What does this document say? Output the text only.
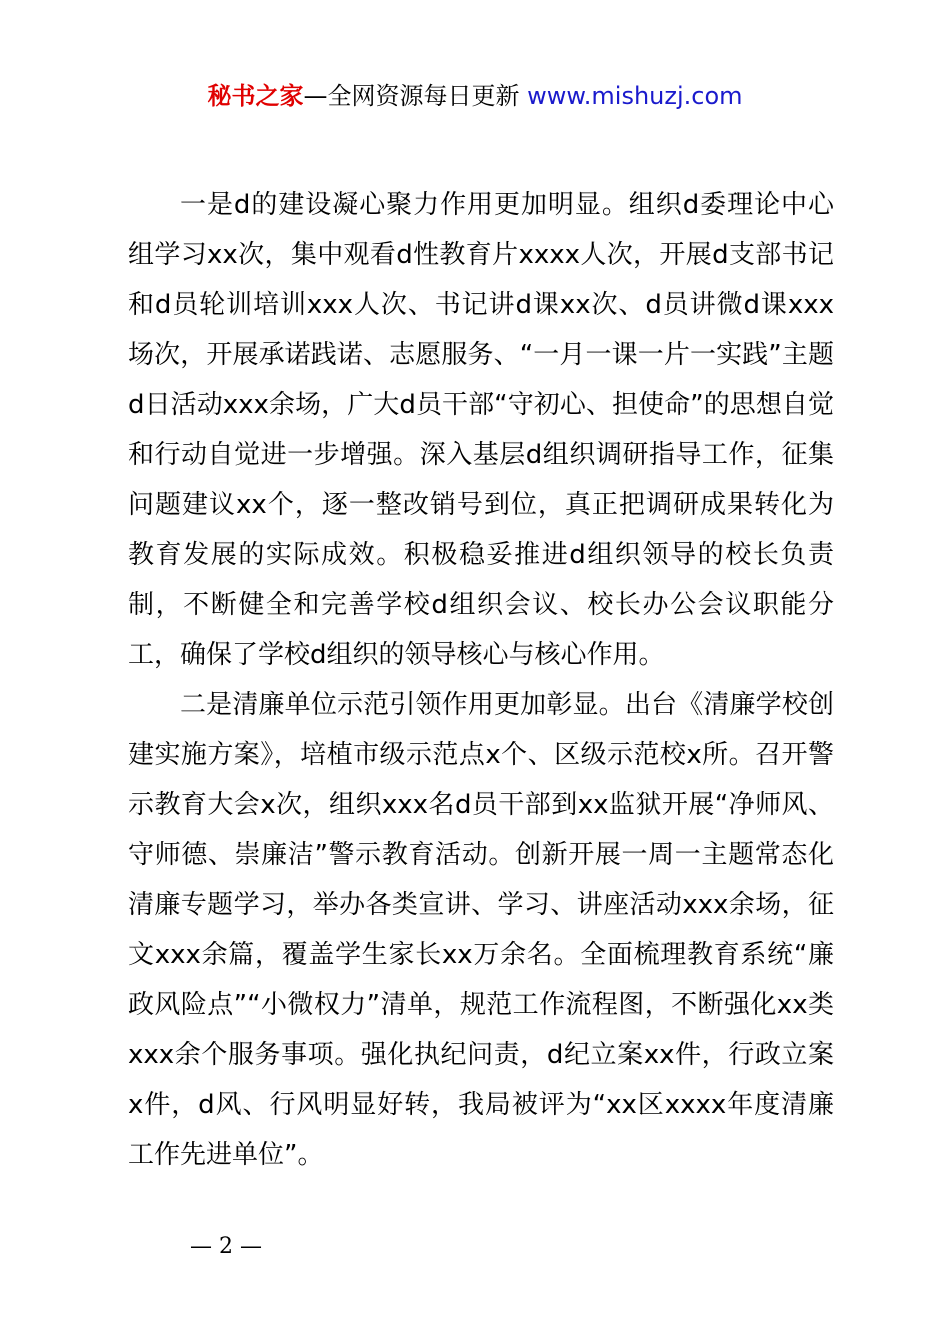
秘书之家—全网资源每日更新 www.mishuzj.com

一是d的建设凝心聚力作用更加明显。组织d委理论中心组学习xx次，集中观看d性教育片xxxx人次，开展d支部书记和d员轮训培训xxx人次、书记讲d课xx次、d员讲微d课xxx场次，开展承诺践诺、志愿服务、“一月一课一片一实践”主题d日活动xxx余场，广大d员干部“守初心、担使命”的思想自觉和行动自觉进一步增强。深入基层d组织调研指导工作，征集问题建议xx个，逐一整改销号到位，真正把调研成果转化为教育发展的实际成效。积极稳妥推进d组织领导的校长负责制，不断健全和完善学校d组织会议、校长办公会议职能分工，确保了学校d组织的领导核心与核心作用。

二是清廉单位示范引领作用更加彰显。出台《清廉学校创建实施方案》，培植市级示范点x个、区级示范校x所。召开警示教育大会x次，组织xxx名d员干部到xx监狱开展“净师风、守师德、崇廉洁”警示教育活动。创新开展一周一主题常态化清廉专题学习，举办各类宣讲、学习、讲座活动xxx余场，征文xxx余篇，覆盖学生家长xx万余名。全面梳理教育系统“廉政风险点”“小微权力”清单，规范工作流程图，不断强化xx类xxx余个服务事项。强化执纪问责，d纪立案xx件，行政立案x件，d风、行风明显好转，我局被评为“xx区xxxx年度清廉工作先进单位”。

— 2 —
